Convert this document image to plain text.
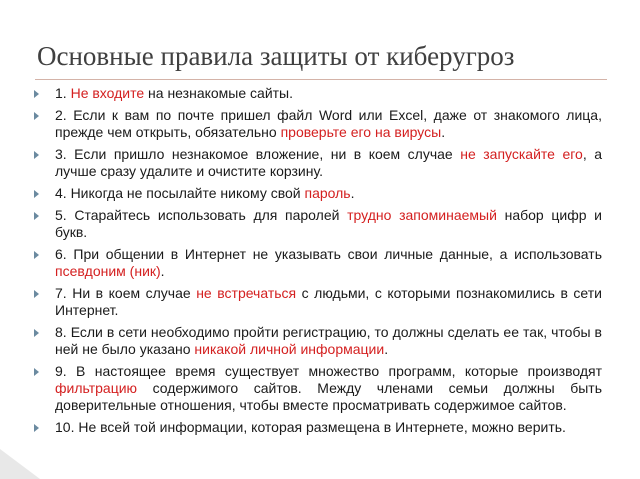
Основные правила защиты от киберугроз
1. Не входите на незнакомые сайты.
2. Если к вам по почте пришел файл Word или Excel, даже от знакомого лица, прежде чем открыть, обязательно проверьте его на вирусы.
3. Если пришло незнакомое вложение, ни в коем случае не запускайте его, а лучше сразу удалите и очистите корзину.
4. Никогда не посылайте никому свой пароль.
5. Старайтесь использовать для паролей трудно запоминаемый набор цифр и букв.
6. При общении в Интернет не указывать свои личные данные, а использовать псевдоним (ник).
7. Ни в коем случае не встречаться с людьми, с которыми познакомились в сети Интернет.
8. Если в сети необходимо пройти регистрацию, то должны сделать ее так, чтобы в ней не было указано никакой личной информации.
9. В настоящее время существует множество программ, которые производят фильтрацию содержимого сайтов. Между членами семьи должны быть доверительные отношения, чтобы вместе просматривать содержимое сайтов.
10. Не всей той информации, которая размещена в Интернете, можно верить.
